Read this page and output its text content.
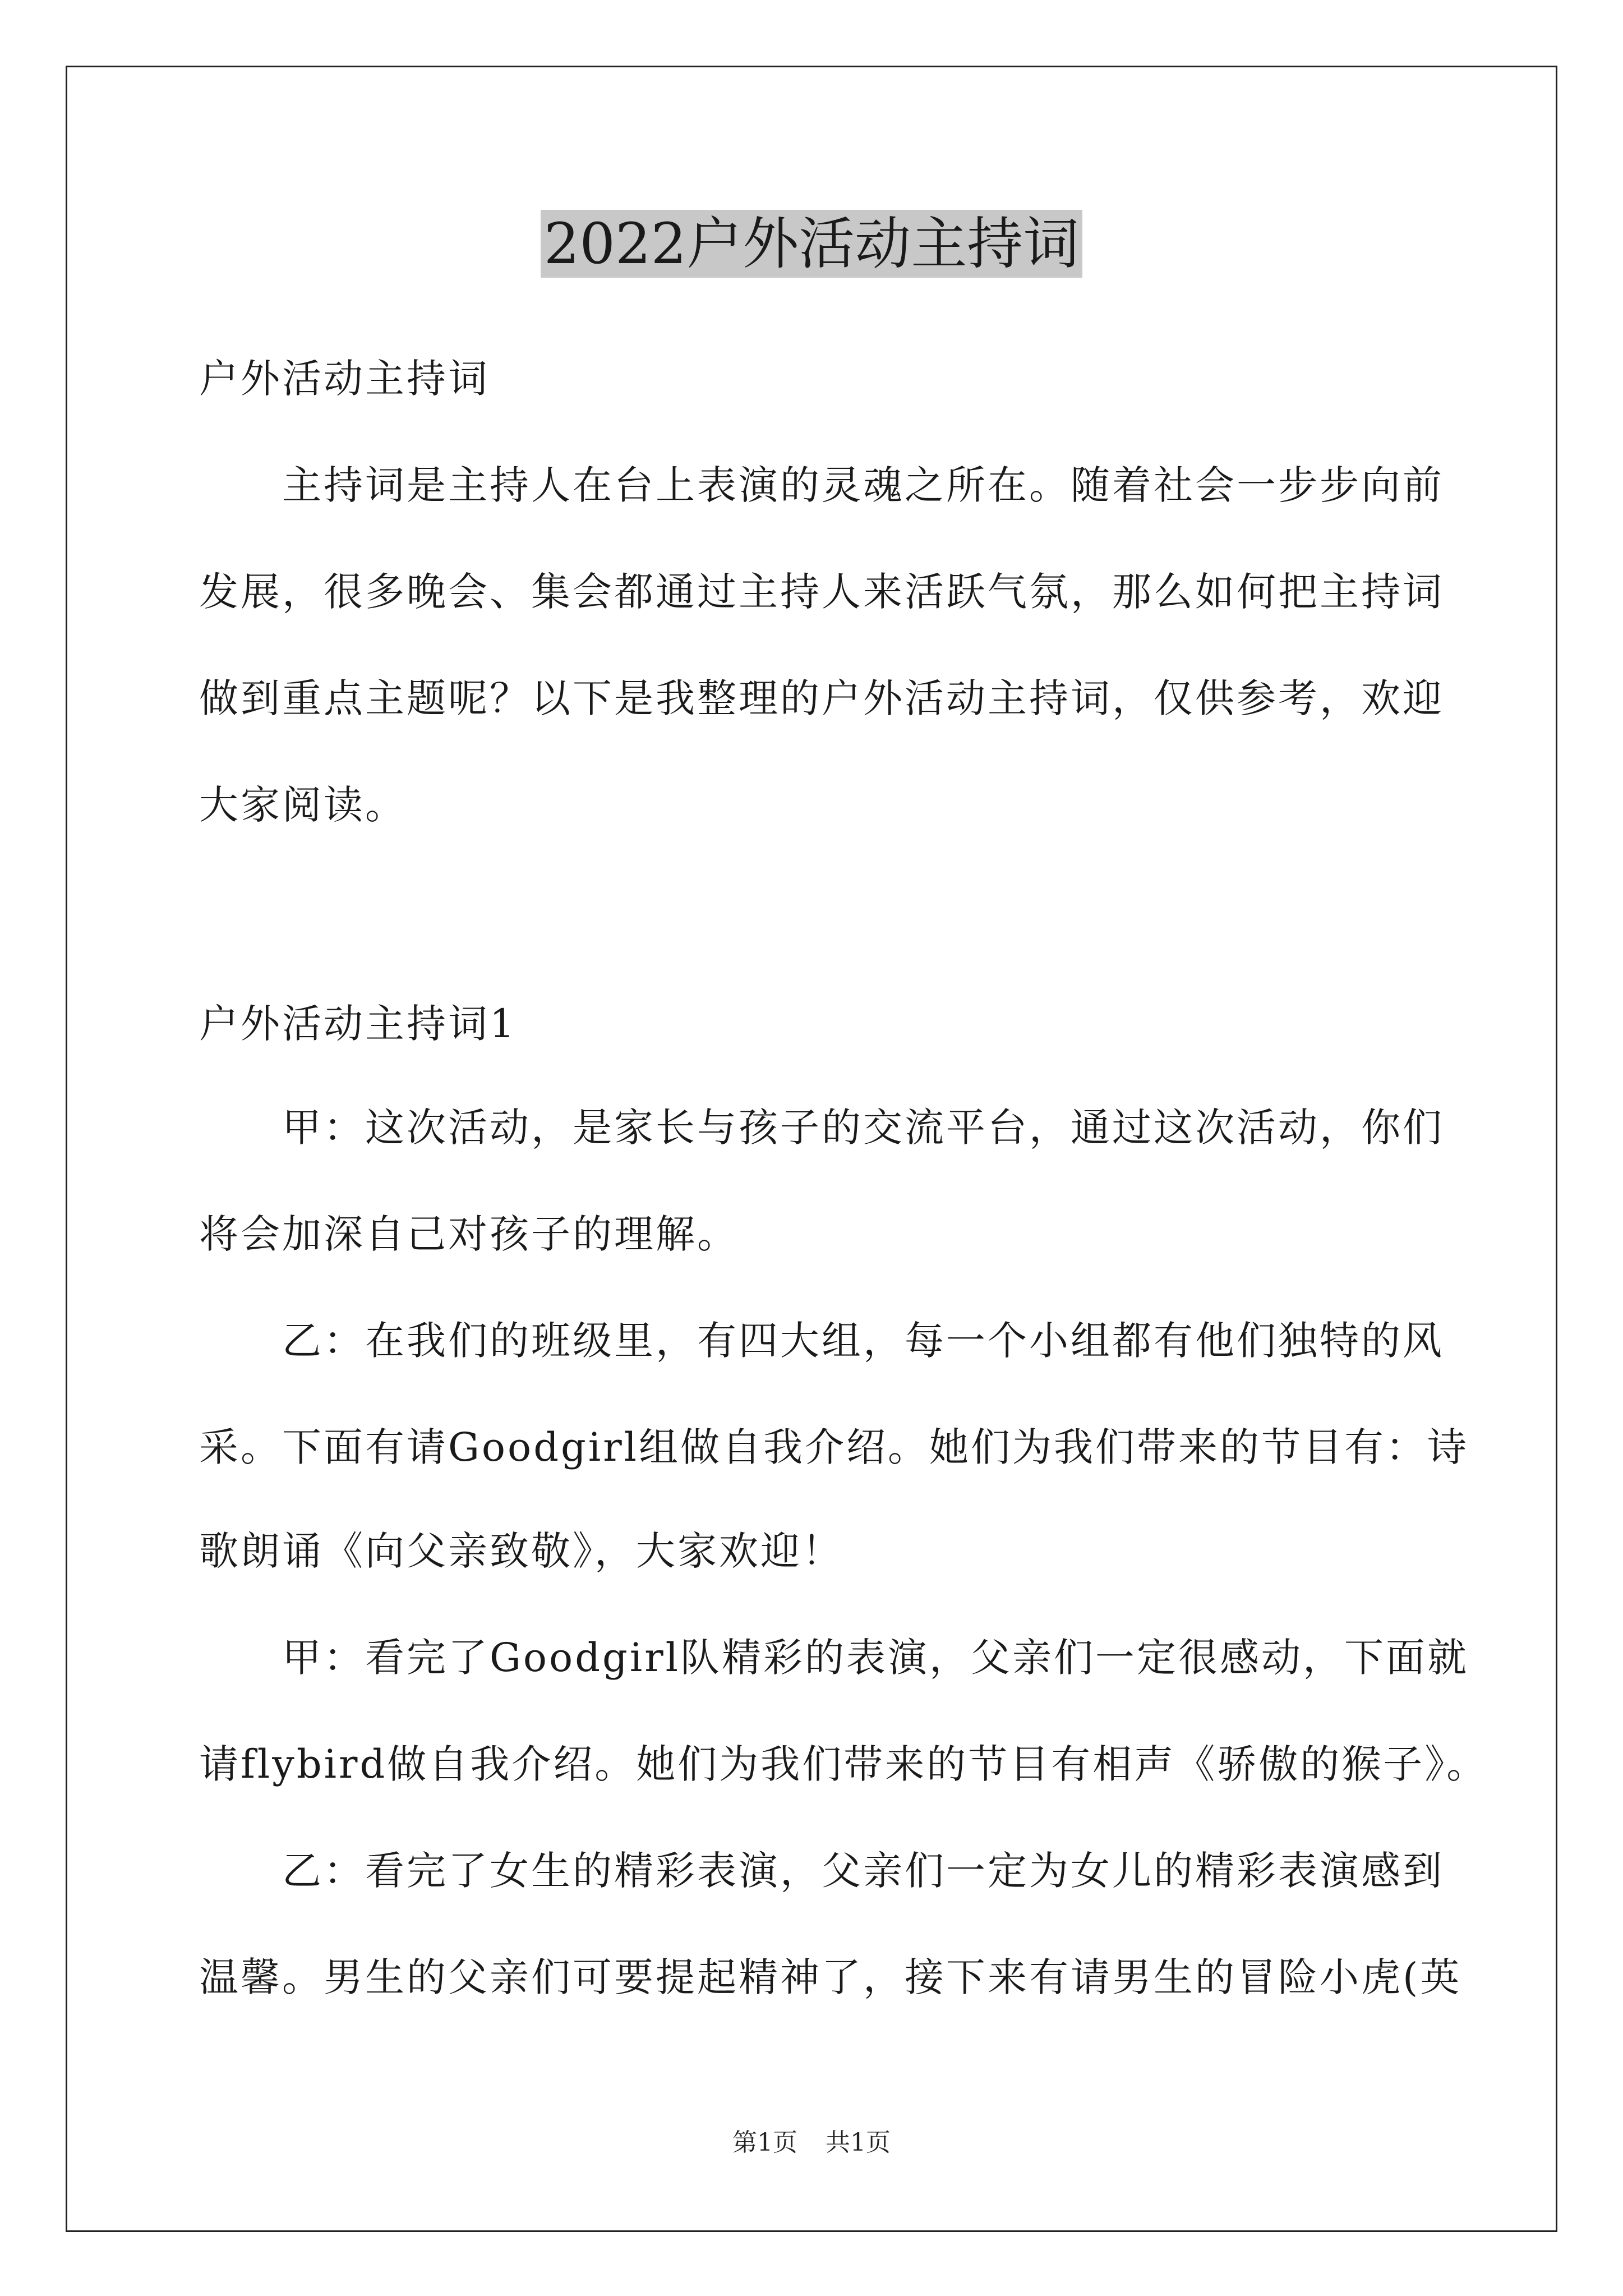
2022户外活动主持词
户外活动主持词
　　主持词是主持人在台上表演的灵魂之所在。随着社会一步步向前
发展，很多晚会、集会都通过主持人来活跃气氛，那么如何把主持词
做到重点主题呢？以下是我整理的户外活动主持词，仅供参考，欢迎
大家阅读。
户外活动主持词1
　　甲：这次活动，是家长与孩子的交流平台，通过这次活动，你们
将会加深自己对孩子的理解。
　　乙：在我们的班级里，有四大组，每一个小组都有他们独特的风
采。下面有请Goodgirl组做自我介绍。她们为我们带来的节目有：诗
歌朗诵《向父亲致敬》，大家欢迎！
　　甲：看完了Goodgirl队精彩的表演，父亲们一定很感动，下面就
请flybird做自我介绍。她们为我们带来的节目有相声《骄傲的猴子》。
　　乙：看完了女生的精彩表演，父亲们一定为女儿的精彩表演感到
温馨。男生的父亲们可要提起精神了，接下来有请男生的冒险小虎(英
第1页 共1页
